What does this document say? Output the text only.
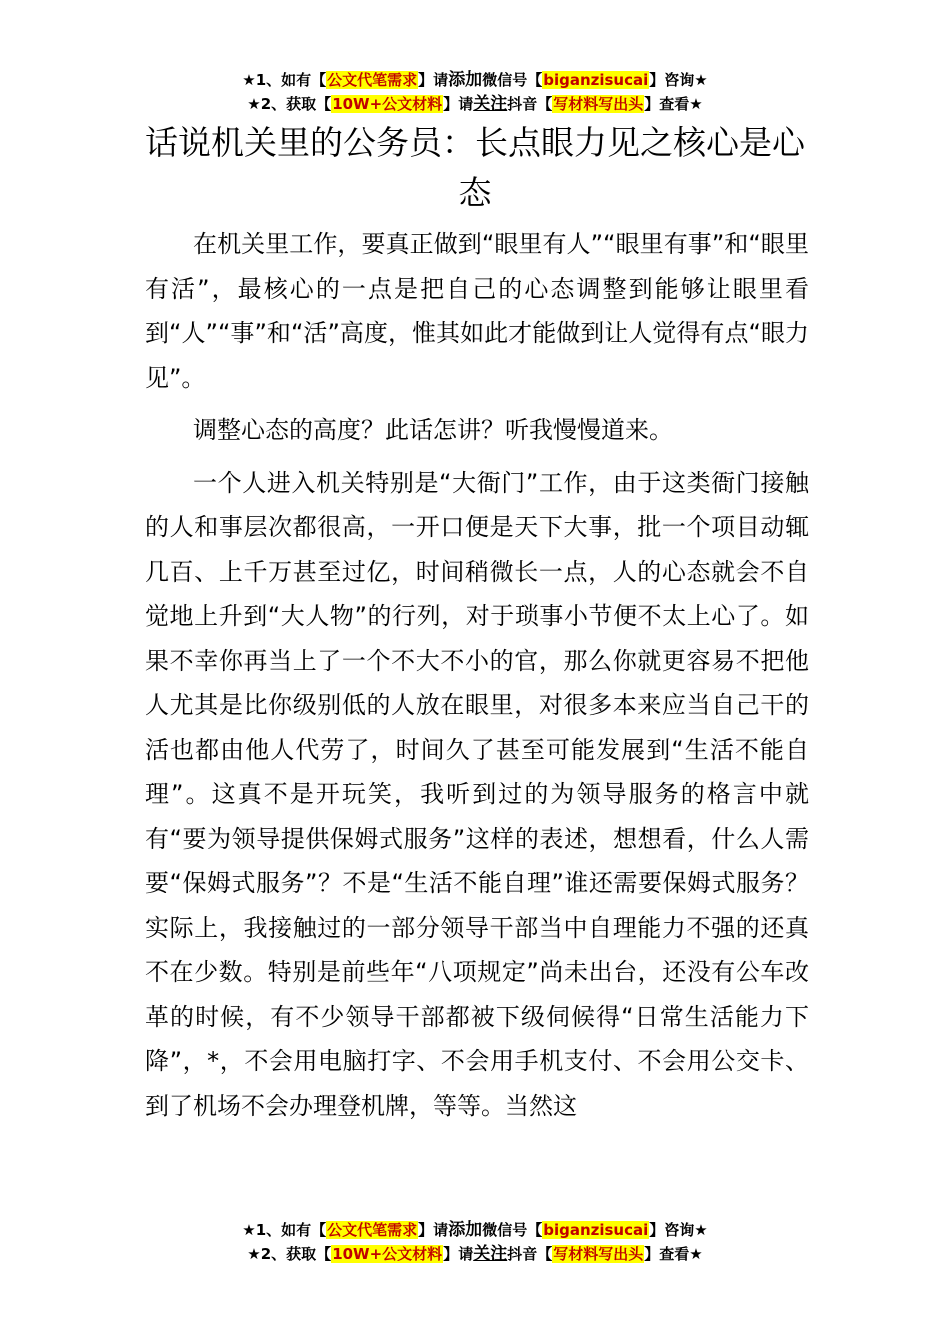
★1、如有【公文代笔需求】请添加微信号【biganzisucai】咨询★
★2、获取【10W+公文材料】请关注抖音【写材料写出头】查看★
话说机关里的公务员：长点眼力见之核心是心态

在机关里工作，要真正做到“眼里有人”“眼里有事”和“眼里有活”，最核心的一点是把自己的心态调整到能够让眼里看到“人”“事”和“活”高度，惟其如此才能做到让人觉得有点“眼力见”。

调整心态的高度？此话怎讲？听我慢慢道来。

一个人进入机关特别是“大衙门”工作，由于这类衙门接触的人和事层次都很高，一开口便是天下大事，批一个项目动辄几百、上千万甚至过亿，时间稍微长一点，人的心态就会不自觉地上升到“大人物”的行列，对于琐事小节便不太上心了。如果不幸你再当上了一个不大不小的官，那么你就更容易不把他人尤其是比你级别低的人放在眼里，对很多本来应当自己干的活也都由他人代劳了，时间久了甚至可能发展到“生活不能自理”。这真不是开玩笑，我听到过的为领导服务的格言中就有“要为领导提供保姆式服务”这样的表述，想想看，什么人需要“保姆式服务”？不是“生活不能自理”谁还需要保姆式服务？实际上，我接触过的一部分领导干部当中自理能力不强的还真不在少数。特别是前些年“八项规定”尚未出台，还没有公车改革的时候，有不少领导干部都被下级伺候得“日常生活能力下降”，*，不会用电脑打字、不会用手机支付、不会用公交卡、到了机场不会办理登机牌，等等。当然这

★1、如有【公文代笔需求】请添加微信号【biganzisucai】咨询★
★2、获取【10W+公文材料】请关注抖音【写材料写出头】查看★
